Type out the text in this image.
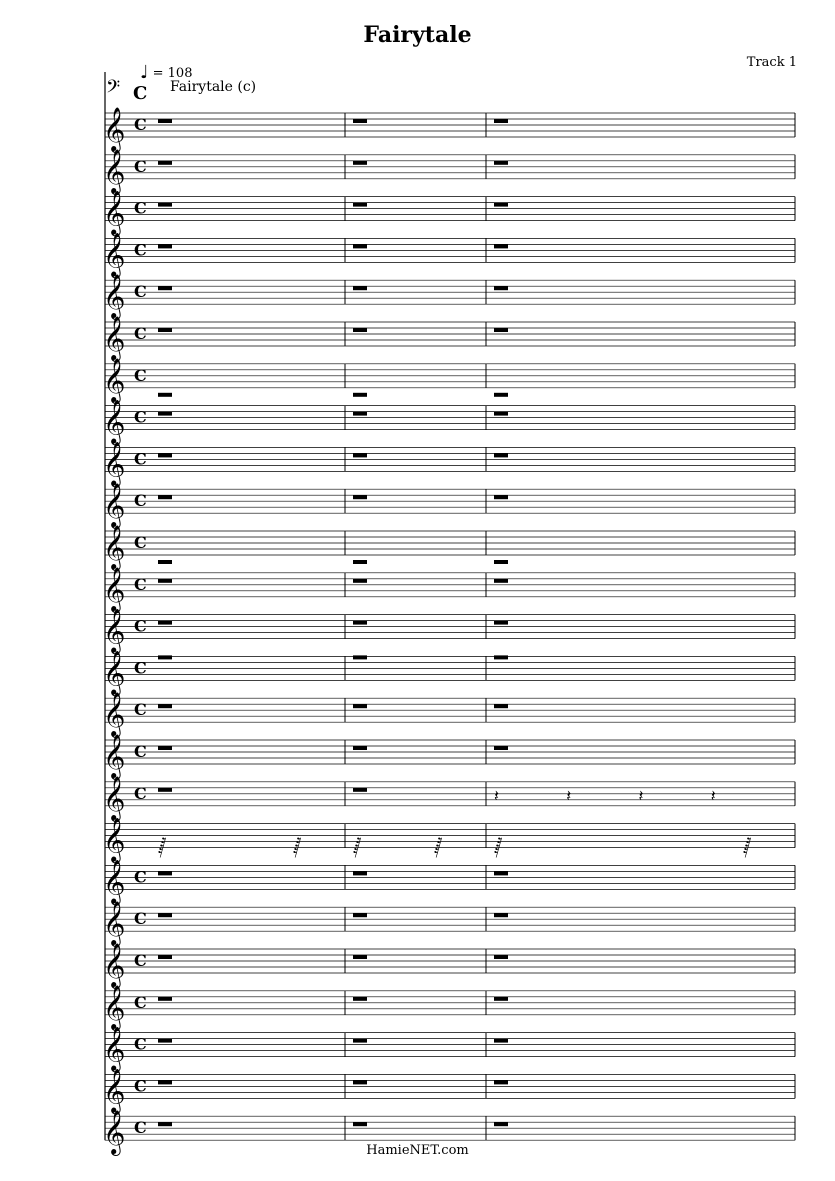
Fairytale
Track 1
♩ = 108
Fairytale (c)
𝄢 C
𝄞 C
𝄞 C
𝄞 C
𝄞 C
𝄞 C
𝄞 C
𝄞 C
𝄞 C
𝄞 C
𝄞 C
𝄞 C
𝄞 C
𝄞 C
𝄞 C
𝄞 C
𝄞 C
𝄞 C	𝄽	𝄽	𝄽	𝄽
𝄞 𝅂	𝅂	𝅂	𝅂	𝅂	𝅂
𝄞 C
𝄞 C
𝄞 C
𝄞 C
𝄞 C
𝄞 C
𝄞 C
HamieNET.com
